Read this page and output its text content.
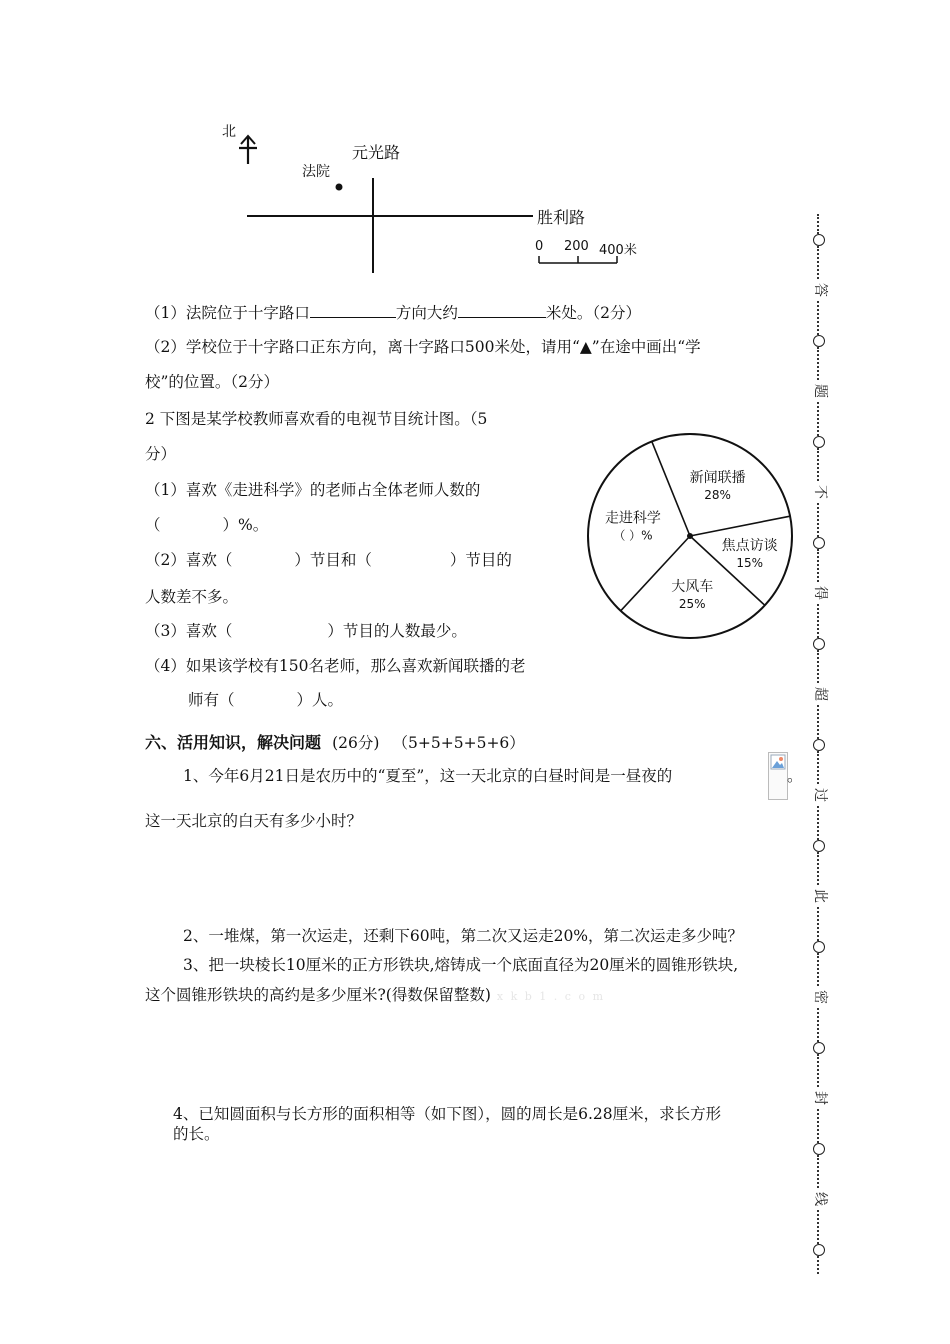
北
元光路
法院
胜利路
0 200 400米
（1）法院位于十字路口	方向大约	米处。（2分）
（2）学校位于十字路口正东方向，离十字路口500米处，请用“▲”在途中画出“学
校”的位置。（2分）
2 下图是某学校教师喜欢看的电视节目统计图。（5
分）
（1）喜欢《走进科学》的老师占全体老师人数的
（	）%。
（2）喜欢（	）节目和（	）节目的
人数差不多。
（3）喜欢（	）节目的人数最少。
（4）如果该学校有150名老师，那么喜欢新闻联播的老
师有（	）人。
新闻联播
28%
焦点访谈
15%
大风车
25%
走进科学
（ ）%
六、活用知识，解决问题 (26分) （5+5+5+5+6）
1、今年6月21日是农历中的“夏至”，这一天北京的白昼时间是一昼夜的	。
这一天北京的白天有多少小时？
2、一堆煤，第一次运走，还剩下60吨，第二次又运走20%，第二次运走多少吨？
3、把一块棱长10厘米的正方形铁块,熔铸成一个底面直径为20厘米的圆锥形铁块,
这个圆锥形铁块的高约是多少厘米?(得数保留整数) x k b 1 . c o m
4、已知圆面积与长方形的面积相等（如下图），圆的周长是6.28厘米，求长方形
的长。
答
题
不
得
超
过
此
密
封
线
